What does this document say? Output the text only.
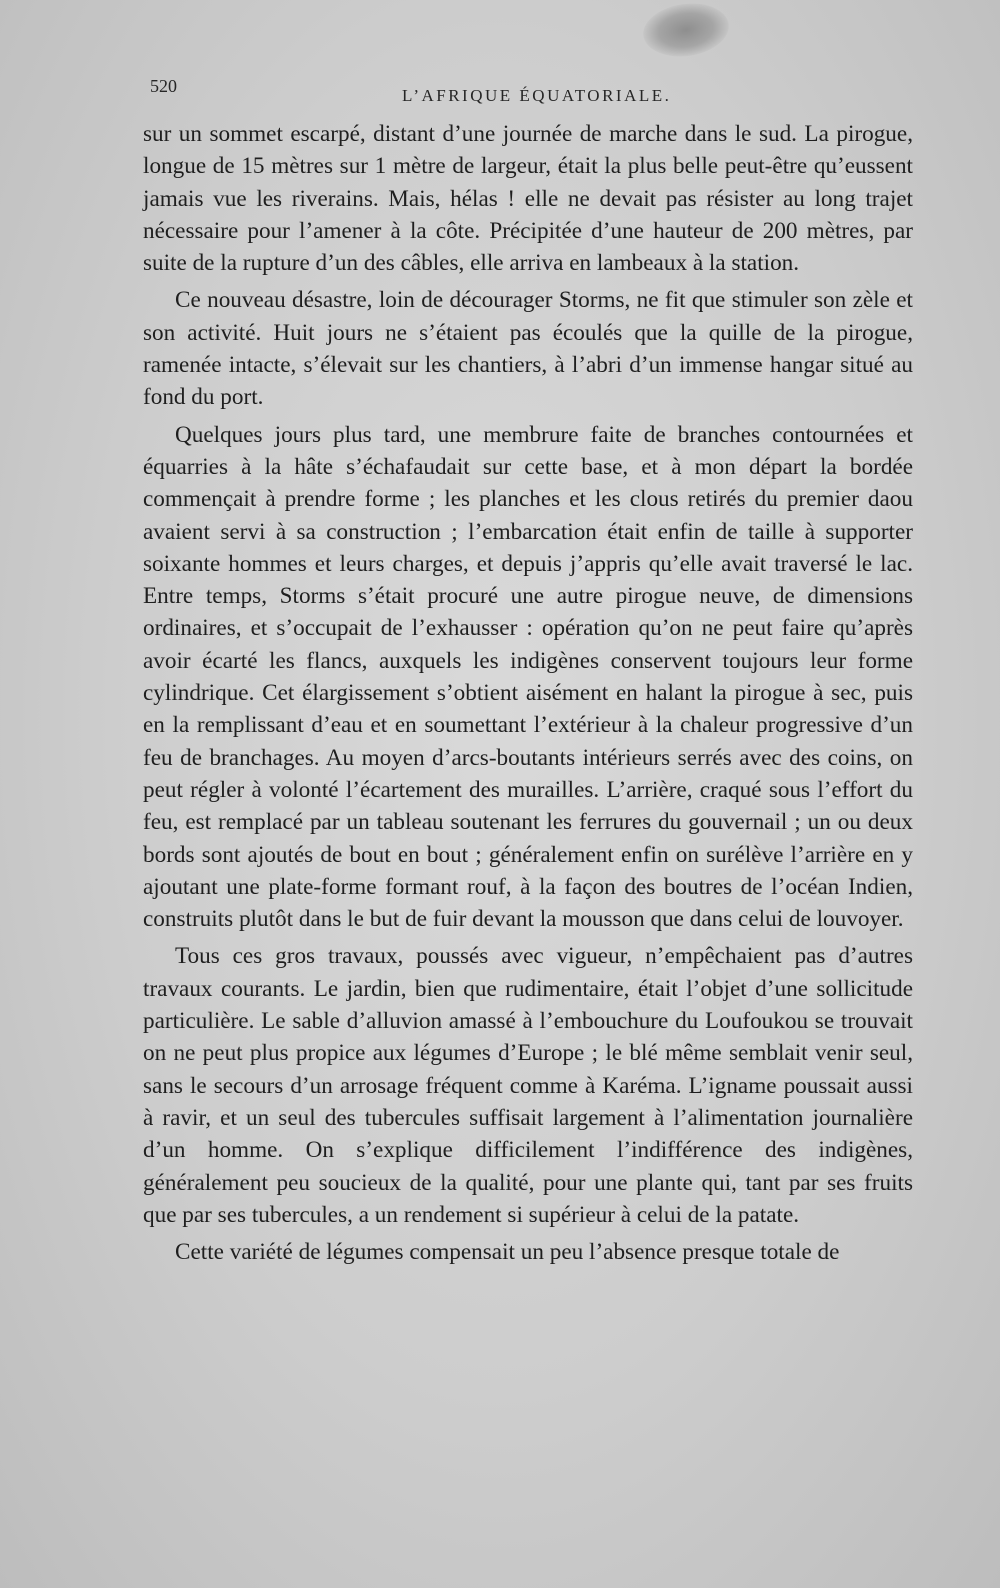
520	L’AFRIQUE ÉQUATORIALE.

sur un sommet escarpé, distant d’une journée de marche dans le sud. La pirogue, longue de 15 mètres sur 1 mètre de largeur, était la plus belle peut-être qu’eussent jamais vue les riverains. Mais, hélas ! elle ne devait pas résister au long trajet nécessaire pour l’amener à la côte. Précipitée d’une hauteur de 200 mètres, par suite de la rupture d’un des câbles, elle arriva en lambeaux à la station.

Ce nouveau désastre, loin de décourager Storms, ne fit que stimuler son zèle et son activité. Huit jours ne s’étaient pas écoulés que la quille de la pirogue, ramenée intacte, s’élevait sur les chantiers, à l’abri d’un immense hangar situé au fond du port.

Quelques jours plus tard, une membrure faite de branches contournées et équarries à la hâte s’échafaudait sur cette base, et à mon départ la bordée commençait à prendre forme ; les planches et les clous retirés du premier daou avaient servi à sa construction ; l’embarcation était enfin de taille à supporter soixante hommes et leurs charges, et depuis j’appris qu’elle avait traversé le lac. Entre temps, Storms s’était procuré une autre pirogue neuve, de dimensions ordinaires, et s’occupait de l’exhausser : opération qu’on ne peut faire qu’après avoir écarté les flancs, auxquels les indigènes conservent toujours leur forme cylindrique. Cet élargissement s’obtient aisément en halant la pirogue à sec, puis en la remplissant d’eau et en soumettant l’extérieur à la chaleur progressive d’un feu de branchages. Au moyen d’arcs-boutants intérieurs serrés avec des coins, on peut régler à volonté l’écartement des murailles. L’arrière, craqué sous l’effort du feu, est remplacé par un tableau soutenant les ferrures du gouvernail ; un ou deux bords sont ajoutés de bout en bout ; généralement enfin on surélève l’arrière en y ajoutant une plate-forme formant rouf, à la façon des boutres de l’océan Indien, construits plutôt dans le but de fuir devant la mousson que dans celui de louvoyer.

Tous ces gros travaux, poussés avec vigueur, n’empêchaient pas d’autres travaux courants. Le jardin, bien que rudimentaire, était l’objet d’une sollicitude particulière. Le sable d’alluvion amassé à l’embouchure du Loufoukou se trouvait on ne peut plus propice aux légumes d’Europe ; le blé même semblait venir seul, sans le secours d’un arrosage fréquent comme à Karéma. L’igname poussait aussi à ravir, et un seul des tubercules suffisait largement à l’alimentation journalière d’un homme. On s’explique difficilement l’indifférence des indigènes, généralement peu soucieux de la qualité, pour une plante qui, tant par ses fruits que par ses tubercules, a un rendement si supérieur à celui de la patate.

Cette variété de légumes compensait un peu l’absence presque totale de
